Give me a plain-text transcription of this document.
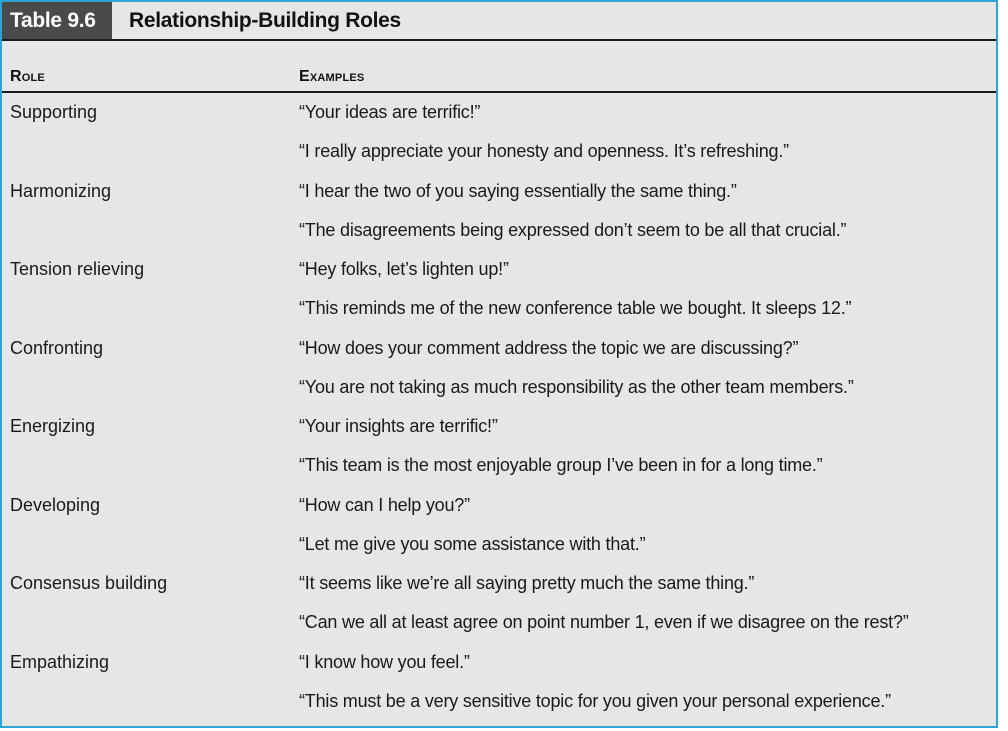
Table 9.6	Relationship-Building Roles
Role	Examples
Supporting	“Your ideas are terrific!”
“I really appreciate your honesty and openness. It’s refreshing.”
Harmonizing	“I hear the two of you saying essentially the same thing.”
“The disagreements being expressed don’t seem to be all that crucial.”
Tension relieving	“Hey folks, let’s lighten up!”
“This reminds me of the new conference table we bought. It sleeps 12.”
Confronting	“How does your comment address the topic we are discussing?”
“You are not taking as much responsibility as the other team members.”
Energizing	“Your insights are terrific!”
“This team is the most enjoyable group I’ve been in for a long time.”
Developing	“How can I help you?”
“Let me give you some assistance with that.”
Consensus building	“It seems like we’re all saying pretty much the same thing.”
“Can we all at least agree on point number 1, even if we disagree on the rest?”
Empathizing	“I know how you feel.”
“This must be a very sensitive topic for you given your personal experience.”
